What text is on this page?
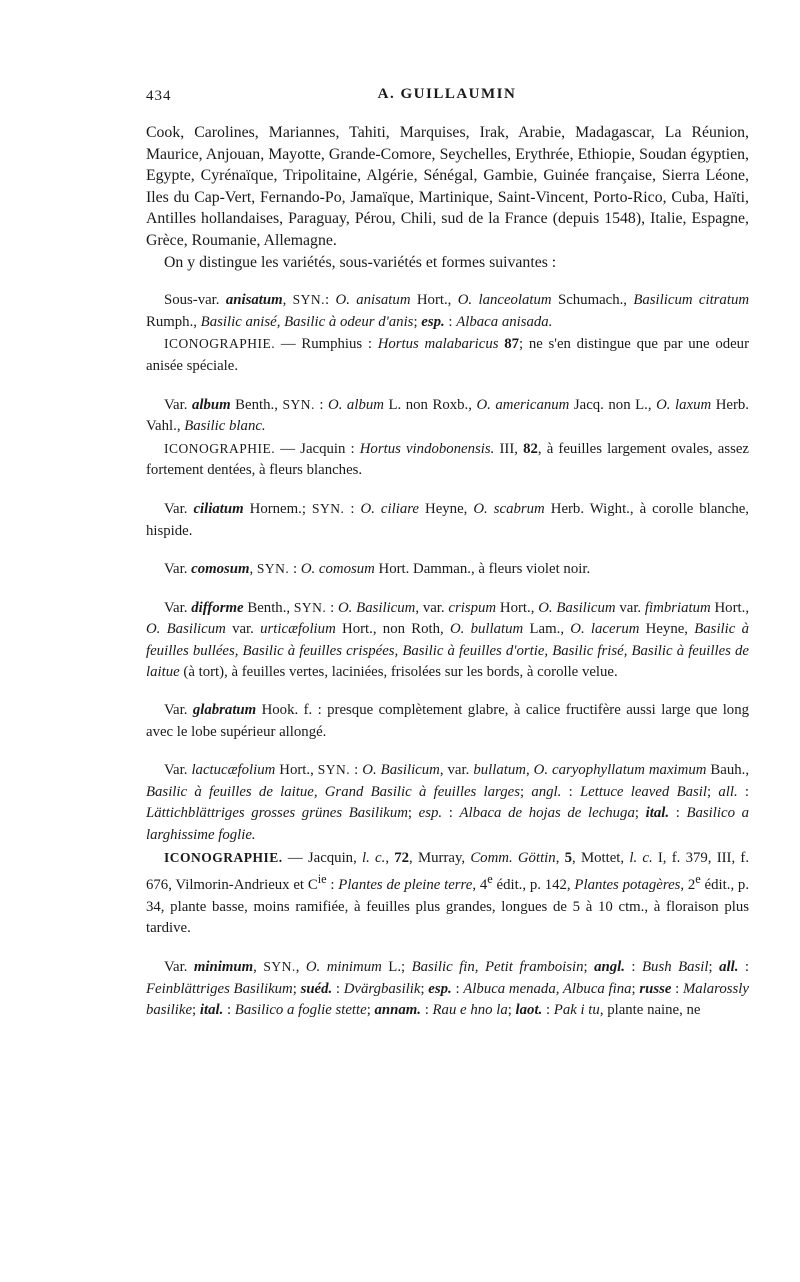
434	A. GUILLAUMIN

Cook, Carolines, Mariannes, Tahiti, Marquises, Irak, Arabie, Madagascar, La Réunion, Maurice, Anjouan, Mayotte, Grande-Comore, Seychelles, Erythrée, Ethiopie, Soudan égyptien, Egypte, Cyrénaïque, Tripolitaine, Algérie, Sénégal, Gambie, Guinée française, Sierra Léone, Iles du Cap-Vert, Fernando-Po, Jamaïque, Martinique, Saint-Vincent, Porto-Rico, Cuba, Haïti, Antilles hollandaises, Paraguay, Pérou, Chili, sud de la France (depuis 1548), Italie, Espagne, Grèce, Roumanie, Allemagne.

On y distingue les variétés, sous-variétés et formes suivantes :

Sous-var. anisatum, SYN.: O. anisatum Hort., O. lanceolatum Schumach., Basilicum citratum Rumph., Basilic anisé, Basilic à odeur d'anis; esp. : Albaca anisada.
ICONOGRAPHIE. — Rumphius : Hortus malabaricus 87; ne s'en distingue que par une odeur anisée spéciale.
Var. album Benth., SYN. : O. album L. non Roxb., O. americanum Jacq. non L., O. laxum Herb. Vahl., Basilic blanc.
ICONOGRAPHIE. — Jacquin : Hortus vindobonensis. III, 82, à feuilles largement ovales, assez fortement dentées, à fleurs blanches.
Var. ciliatum Hornem.; SYN. : O. ciliare Heyne, O. scabrum Herb. Wight., à corolle blanche, hispide.
Var. comosum, SYN. : O. comosum Hort. Damman., à fleurs violet noir.
Var. difforme Benth., SYN. : O. Basilicum, var. crispum Hort., O. Basilicum var. fimbriatum Hort., O. Basilicum var. urticæfolium Hort., non Roth, O. bullatum Lam., O. lacerum Heyne, Basilic à feuilles bullées, Basilic à feuilles crispées, Basilic à feuilles d'ortie, Basilic frisé, Basilic à feuilles de laitue (à tort), à feuilles vertes, laciniées, frisolées sur les bords, à corolle velue.
Var. glabratum Hook. f. : presque complètement glabre, à calice fructifère aussi large que long avec le lobe supérieur allongé.
Var. lactucæfolium Hort., SYN. : O. Basilicum, var. bullatum, O. caryophyllatum maximum Bauh., Basilic à feuilles de laitue, Grand Basilic à feuilles larges; angl. : Lettuce leaved Basil; all. : Lättichblättriges grosses grünes Basilikum; esp. : Albaca de hojas de lechuga; ital. : Basilico a larghissime foglie.
ICONOGRAPHIE. — Jacquin, l. c., 72, Murray, Comm. Göttin, 5, Mottet, l. c. I, f. 379, III, f. 676, Vilmorin-Andrieux et $C^{ie}$ : Plantes de pleine terre, 4e édit., p. 142, Plantes potagères, 2e édit., p. 34, plante basse, moins ramifiée, à feuilles plus grandes, longues de 5 à 10 ctm., à floraison plus tardive.
Var. minimum, SYN., O. minimum L.; Basilic fin, Petit framboisin; angl. : Bush Basil; all. : Feinblättriges Basilikum; suéd. : Dvärgbasilik; esp. : Albuca menada, Albuca fina; russe : Malarossly basilike; ital. : Basilico a foglie stette; annam. : Rau e hno la; laot. : Pak i tu, plante naine, ne
